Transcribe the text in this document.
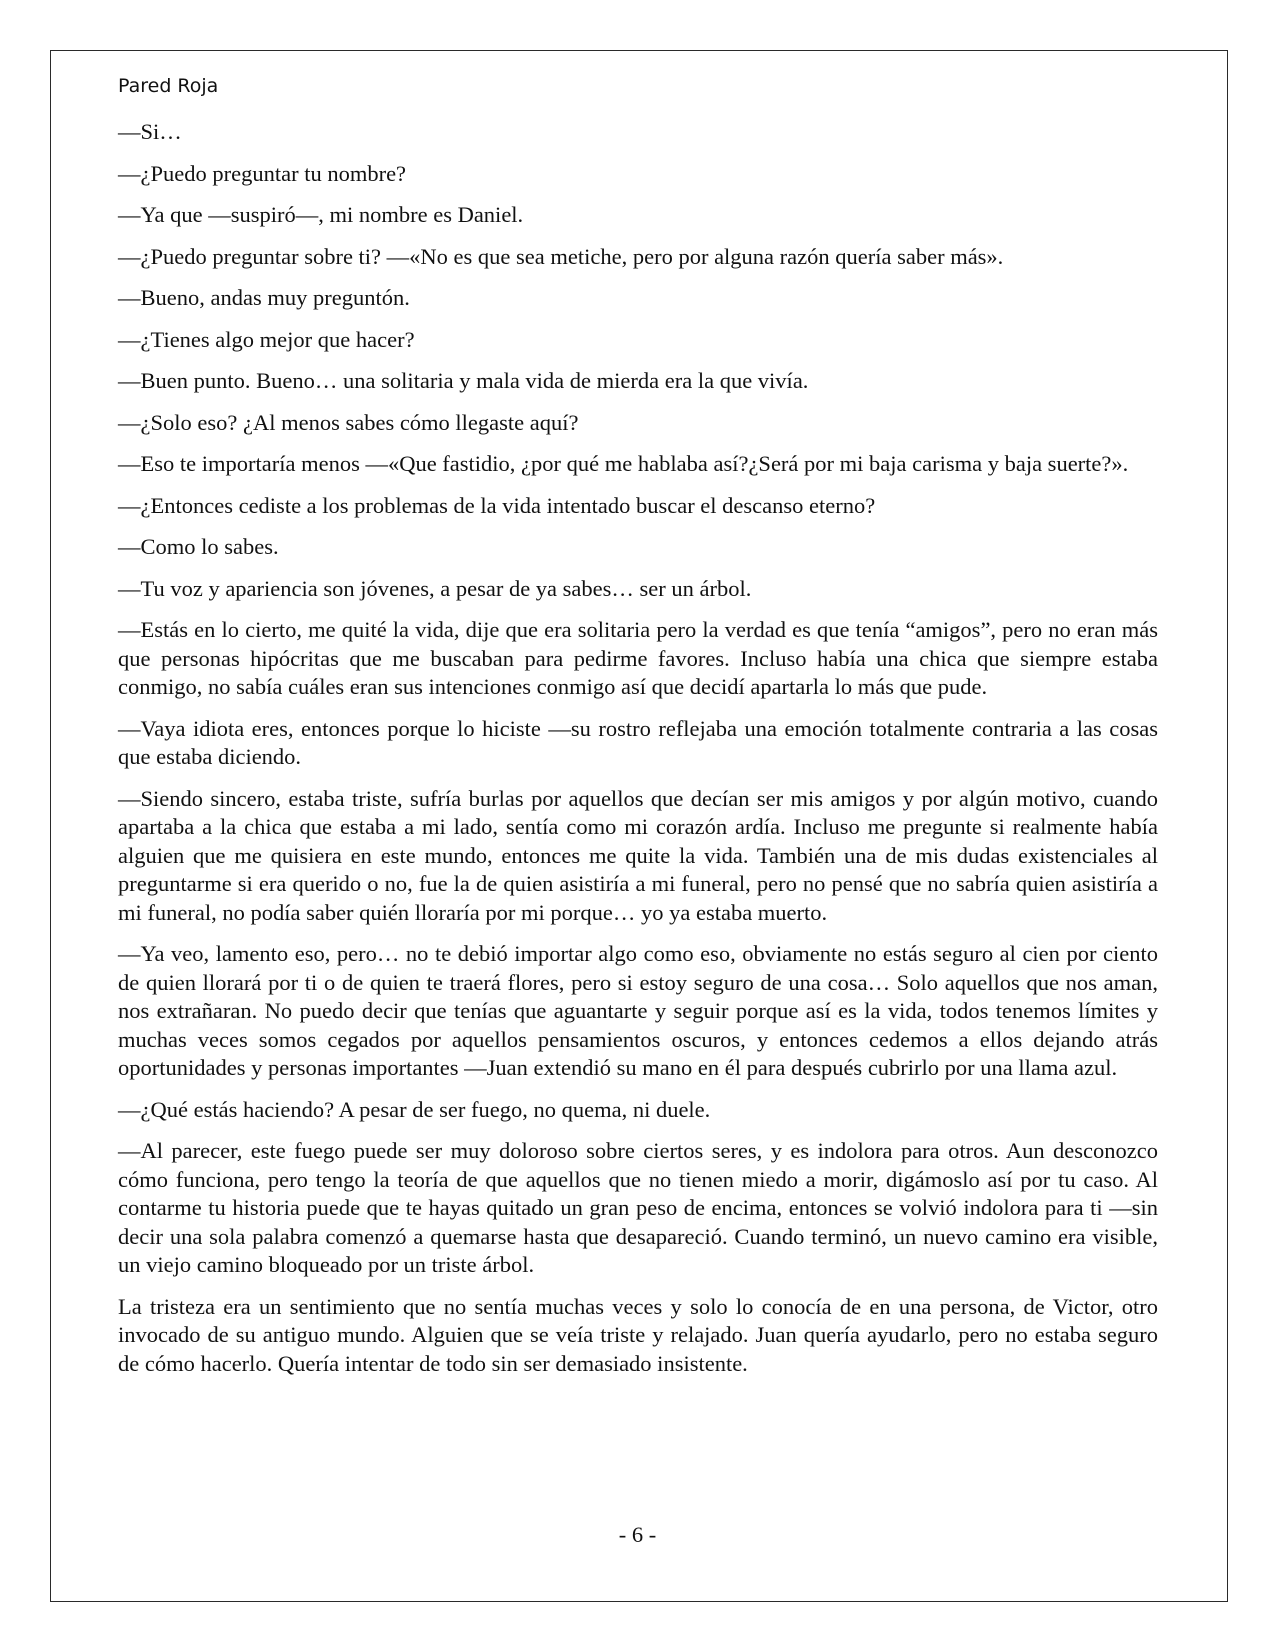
Pared Roja

—Si…

—¿Puedo preguntar tu nombre?

—Ya que —suspiró—, mi nombre es Daniel.

—¿Puedo preguntar sobre ti? —«No es que sea metiche, pero por alguna razón quería saber más».

—Bueno, andas muy preguntón.

—¿Tienes algo mejor que hacer?

—Buen punto. Bueno… una solitaria y mala vida de mierda era la que vivía.

—¿Solo eso? ¿Al menos sabes cómo llegaste aquí?

—Eso te importaría menos —«Que fastidio, ¿por qué me hablaba así?¿Será por mi baja carisma y baja suerte?».

—¿Entonces cediste a los problemas de la vida intentado buscar el descanso eterno?

—Como lo sabes.

—Tu voz y apariencia son jóvenes, a pesar de ya sabes… ser un árbol.

—Estás en lo cierto, me quité la vida, dije que era solitaria pero la verdad es que tenía “amigos”, pero no eran más que personas hipócritas que me buscaban para pedirme favores. Incluso había una chica que siempre estaba conmigo, no sabía cuáles eran sus intenciones conmigo así que decidí apartarla lo más que pude.

—Vaya idiota eres, entonces porque lo hiciste —su rostro reflejaba una emoción totalmente contraria a las cosas que estaba diciendo.

—Siendo sincero, estaba triste, sufría burlas por aquellos que decían ser mis amigos y por algún motivo, cuando apartaba a la chica que estaba a mi lado, sentía como mi corazón ardía. Incluso me pregunte si realmente había alguien que me quisiera en este mundo, entonces me quite la vida. También una de mis dudas existenciales al preguntarme si era querido o no, fue la de quien asistiría a mi funeral, pero no pensé que no sabría quien asistiría a mi funeral, no podía saber quién lloraría por mi porque… yo ya estaba muerto.

—Ya veo, lamento eso, pero… no te debió importar algo como eso, obviamente no estás seguro al cien por ciento de quien llorará por ti o de quien te traerá flores, pero si estoy seguro de una cosa… Solo aquellos que nos aman, nos extrañaran. No puedo decir que tenías que aguantarte y seguir porque así es la vida, todos tenemos límites y muchas veces somos cegados por aquellos pensamientos oscuros, y entonces cedemos a ellos dejando atrás oportunidades y personas importantes —Juan extendió su mano en él para después cubrirlo por una llama azul.

—¿Qué estás haciendo? A pesar de ser fuego, no quema, ni duele.

—Al parecer, este fuego puede ser muy doloroso sobre ciertos seres, y es indolora para otros. Aun desconozco cómo funciona, pero tengo la teoría de que aquellos que no tienen miedo a morir, digámoslo así por tu caso. Al contarme tu historia puede que te hayas quitado un gran peso de encima, entonces se volvió indolora para ti —sin decir una sola palabra comenzó a quemarse hasta que desapareció. Cuando terminó, un nuevo camino era visible, un viejo camino bloqueado por un triste árbol.

La tristeza era un sentimiento que no sentía muchas veces y solo lo conocía de en una persona, de Victor, otro invocado de su antiguo mundo. Alguien que se veía triste y relajado. Juan quería ayudarlo, pero no estaba seguro de cómo hacerlo. Quería intentar de todo sin ser demasiado insistente.

- 6 -
